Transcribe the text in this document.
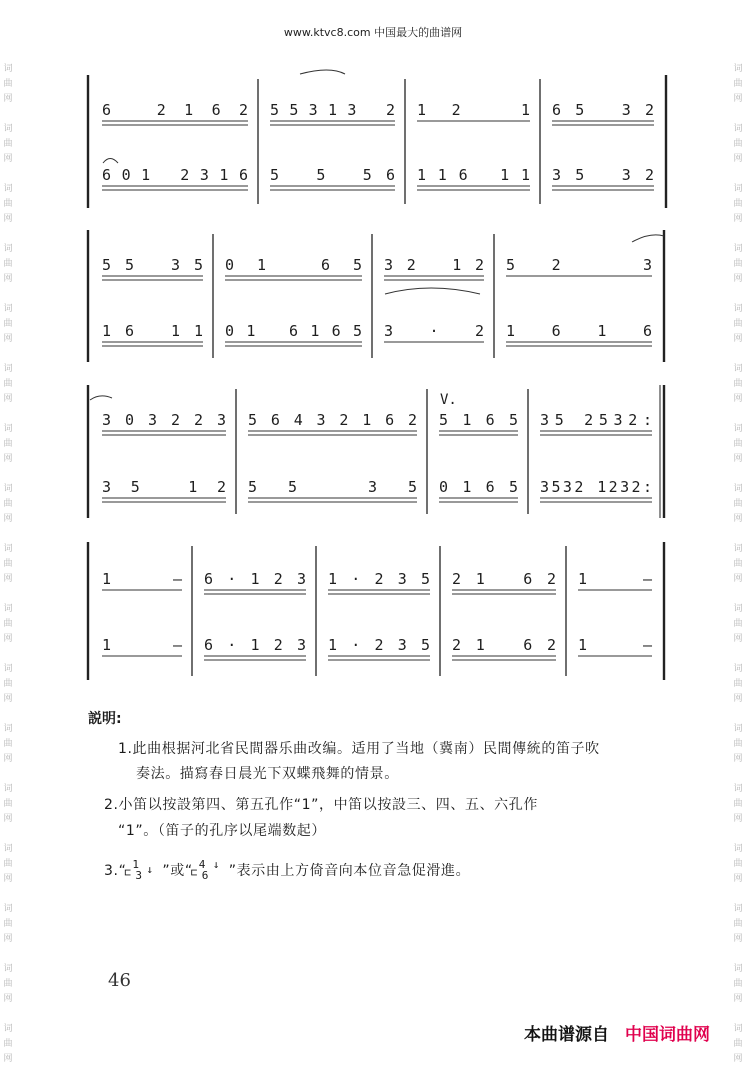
词
曲
网
词
曲
网
词
曲
网
词
曲
网
词
曲
网
词
曲
网
词
曲
网
词
曲
网
词
曲
网
词
曲
网
词
曲
网
词
曲
网
词
曲
网
词
曲
网
词
曲
网
词
曲
网
词
曲
网
词
曲
网
词
曲
网
词
曲
网
词
曲
网
词
曲
网
词
曲
网
词
曲
网
词
曲
网
词
曲
网
词
曲
网
词
曲
网
词
曲
网
词
曲
网
词
曲
网
词
曲
网
词
曲
网
词
曲
网
www.ktvc8.com 中国最大的曲谱网
6 2162 55313 2 12 1 65 32
601 2316 5 5 56 116 11 35 32
55 35 01 65 32 12 52 3
16 11 01 6165 3 · 2 1 6 1 6
303223 56432162 5165 35 2532:
35 12 55 35 0165 3532 1232:
1 — 6·123 1·235 21 62 1 —
1 — 6·123 1·235 21 62 1 —
V.
説明:
1.此曲根据河北省民間器乐曲改编。适用了当地（冀南）民間傳統的笛子吹
奏法。描寫春日晨光下双蝶飛舞的情景。
2.小笛以按設第四、第五孔作“1”，中笛以按設三、四、五、六孔作
“1”。（笛子的孔序以尾端数起）
3.“ 1
⊏ 3 ↓ ”或“ 4
⊏ 6
↓ ”表示由上方倚音向本位音急促滑進。
46
本曲谱源自 中国词曲网
